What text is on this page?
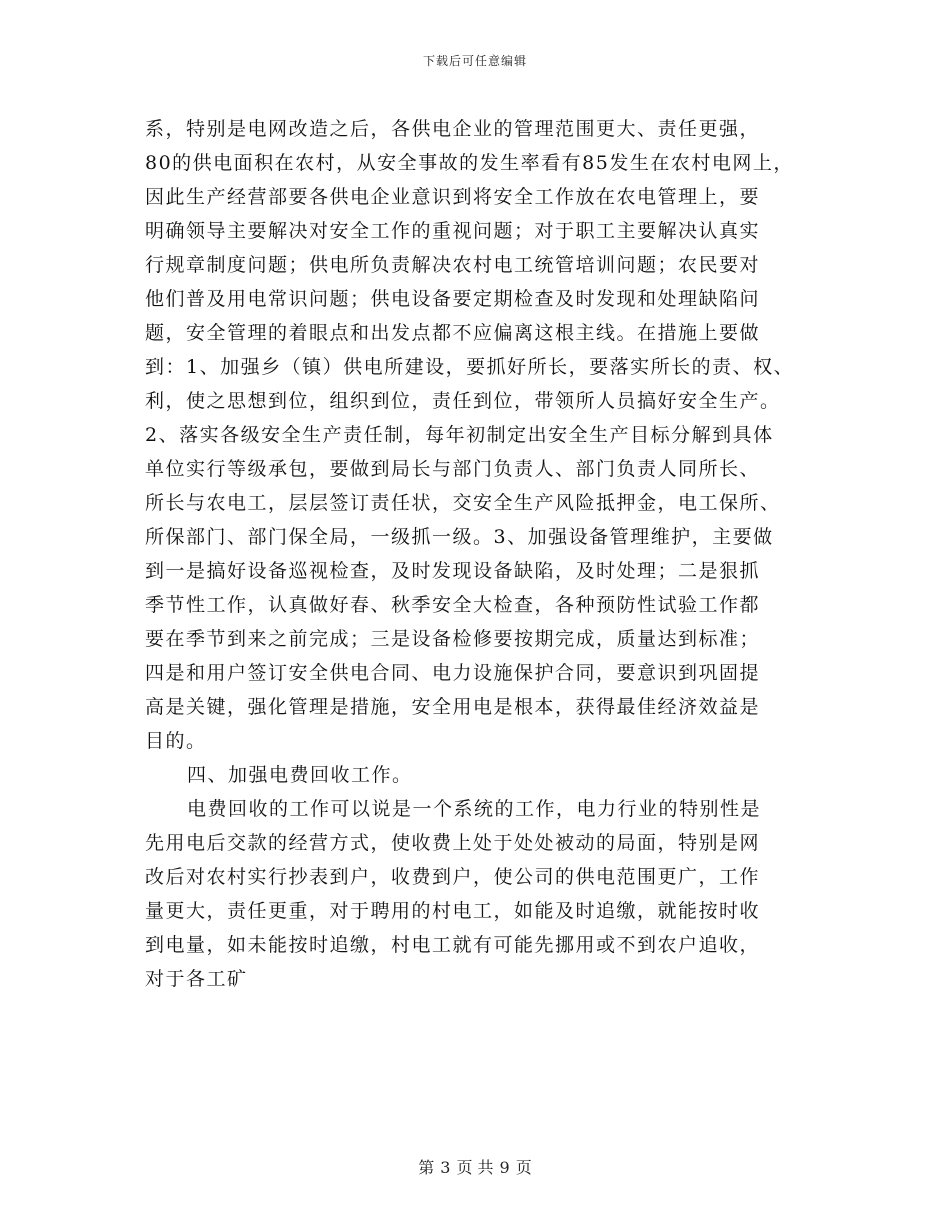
下载后可任意编辑
系，特别是电网改造之后，各供电企业的管理范围更大、责任更强，
80的供电面积在农村，从安全事故的发生率看有85发生在农村电网上，
因此生产经营部要各供电企业意识到将安全工作放在农电管理上，要
明确领导主要解决对安全工作的重视问题；对于职工主要解决认真实
行规章制度问题；供电所负责解决农村电工统管培训问题；农民要对
他们普及用电常识问题；供电设备要定期检查及时发现和处理缺陷问
题，安全管理的着眼点和出发点都不应偏离这根主线。在措施上要做
到：1、加强乡（镇）供电所建设，要抓好所长，要落实所长的责、权、
利，使之思想到位，组织到位，责任到位，带领所人员搞好安全生产。
2、落实各级安全生产责任制，每年初制定出安全生产目标分解到具体
单位实行等级承包，要做到局长与部门负责人、部门负责人同所长、
所长与农电工，层层签订责任状，交安全生产风险抵押金，电工保所、
所保部门、部门保全局，一级抓一级。3、加强设备管理维护，主要做
到一是搞好设备巡视检查，及时发现设备缺陷，及时处理；二是狠抓
季节性工作，认真做好春、秋季安全大检查，各种预防性试验工作都
要在季节到来之前完成；三是设备检修要按期完成，质量达到标准；
四是和用户签订安全供电合同、电力设施保护合同，要意识到巩固提
高是关键，强化管理是措施，安全用电是根本，获得最佳经济效益是
目的。
四、加强电费回收工作。
电费回收的工作可以说是一个系统的工作，电力行业的特别性是
先用电后交款的经营方式，使收费上处于处处被动的局面，特别是网
改后对农村实行抄表到户，收费到户，使公司的供电范围更广，工作
量更大，责任更重，对于聘用的村电工，如能及时追缴，就能按时收
到电量，如未能按时追缴，村电工就有可能先挪用或不到农户追收，
对于各工矿
第 3 页 共 9 页
